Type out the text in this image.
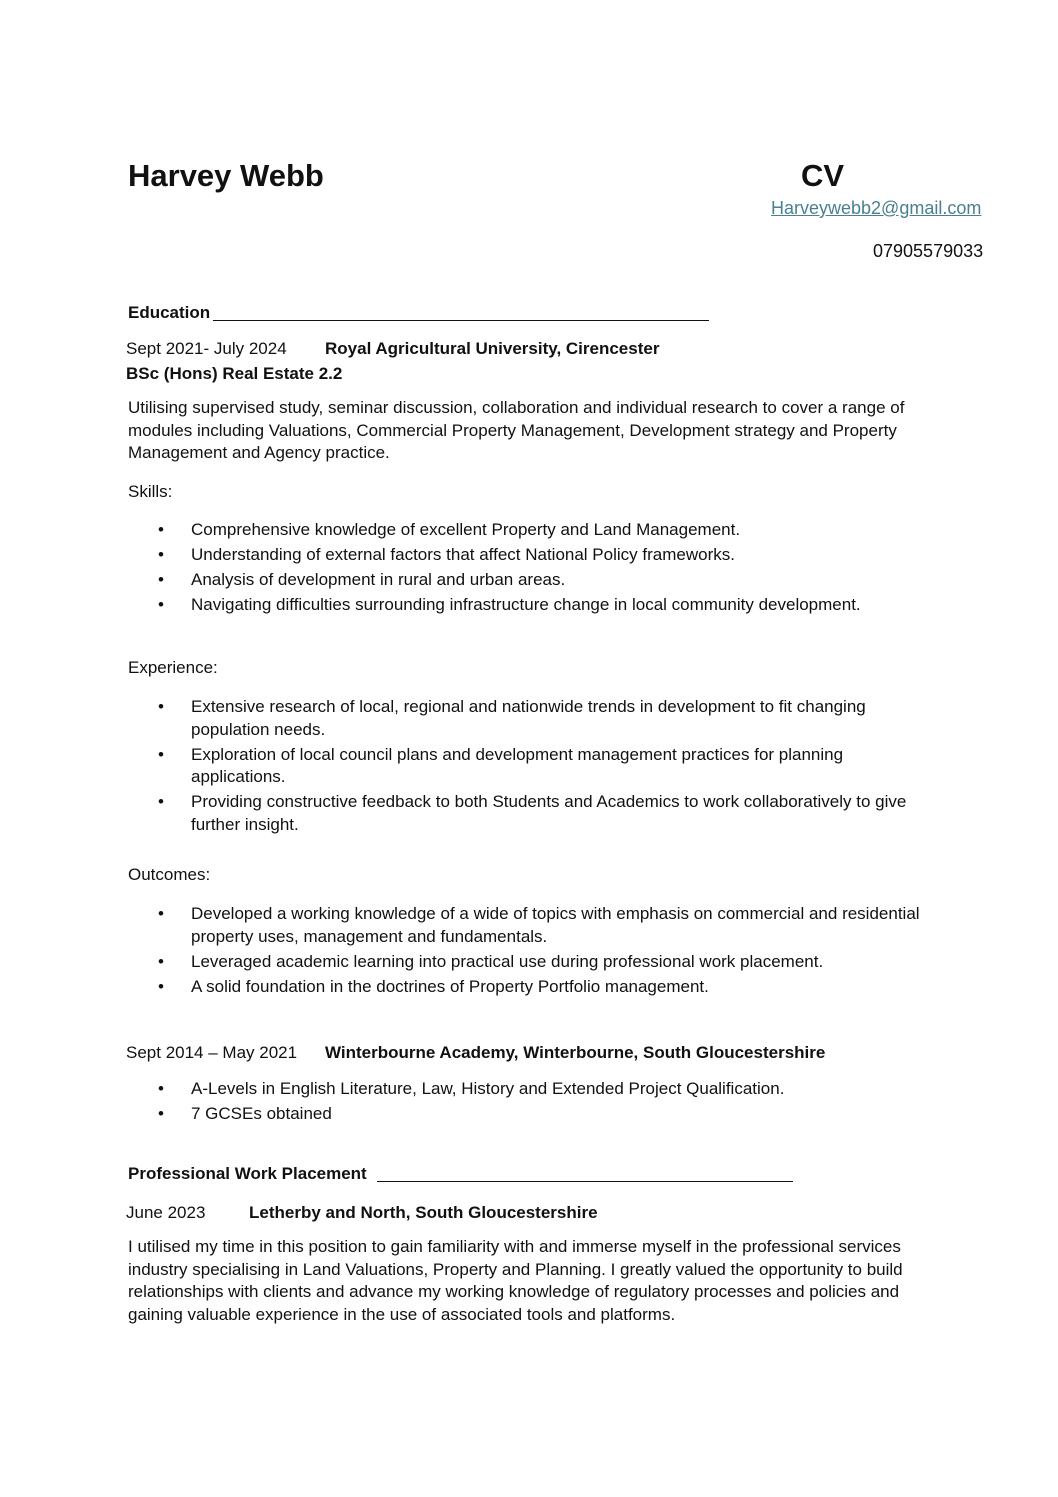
Harvey Webb	CV
Harveywebb2@gmail.com
07905579033
Education
Sept 2021- July 2024 Royal Agricultural University, Cirencester
BSc (Hons) Real Estate 2.2
Utilising supervised study, seminar discussion, collaboration and individual research to cover a range of modules including Valuations, Commercial Property Management, Development strategy and Property Management and Agency practice.
Skills:
• Comprehensive knowledge of excellent Property and Land Management.
• Understanding of external factors that affect National Policy frameworks.
• Analysis of development in rural and urban areas.
• Navigating difficulties surrounding infrastructure change in local community development.
Experience:
• Extensive research of local, regional and nationwide trends in development to fit changing population needs.
• Exploration of local council plans and development management practices for planning applications.
• Providing constructive feedback to both Students and Academics to work collaboratively to give further insight.
Outcomes:
• Developed a working knowledge of a wide of topics with emphasis on commercial and residential property uses, management and fundamentals.
• Leveraged academic learning into practical use during professional work placement.
• A solid foundation in the doctrines of Property Portfolio management.
Sept 2014 – May 2021 Winterbourne Academy, Winterbourne, South Gloucestershire
• A-Levels in English Literature, Law, History and Extended Project Qualification.
• 7 GCSEs obtained
Professional Work Placement
June 2023	Letherby and North, South Gloucestershire
I utilised my time in this position to gain familiarity with and immerse myself in the professional services industry specialising in Land Valuations, Property and Planning. I greatly valued the opportunity to build relationships with clients and advance my working knowledge of regulatory processes and policies and gaining valuable experience in the use of associated tools and platforms.
